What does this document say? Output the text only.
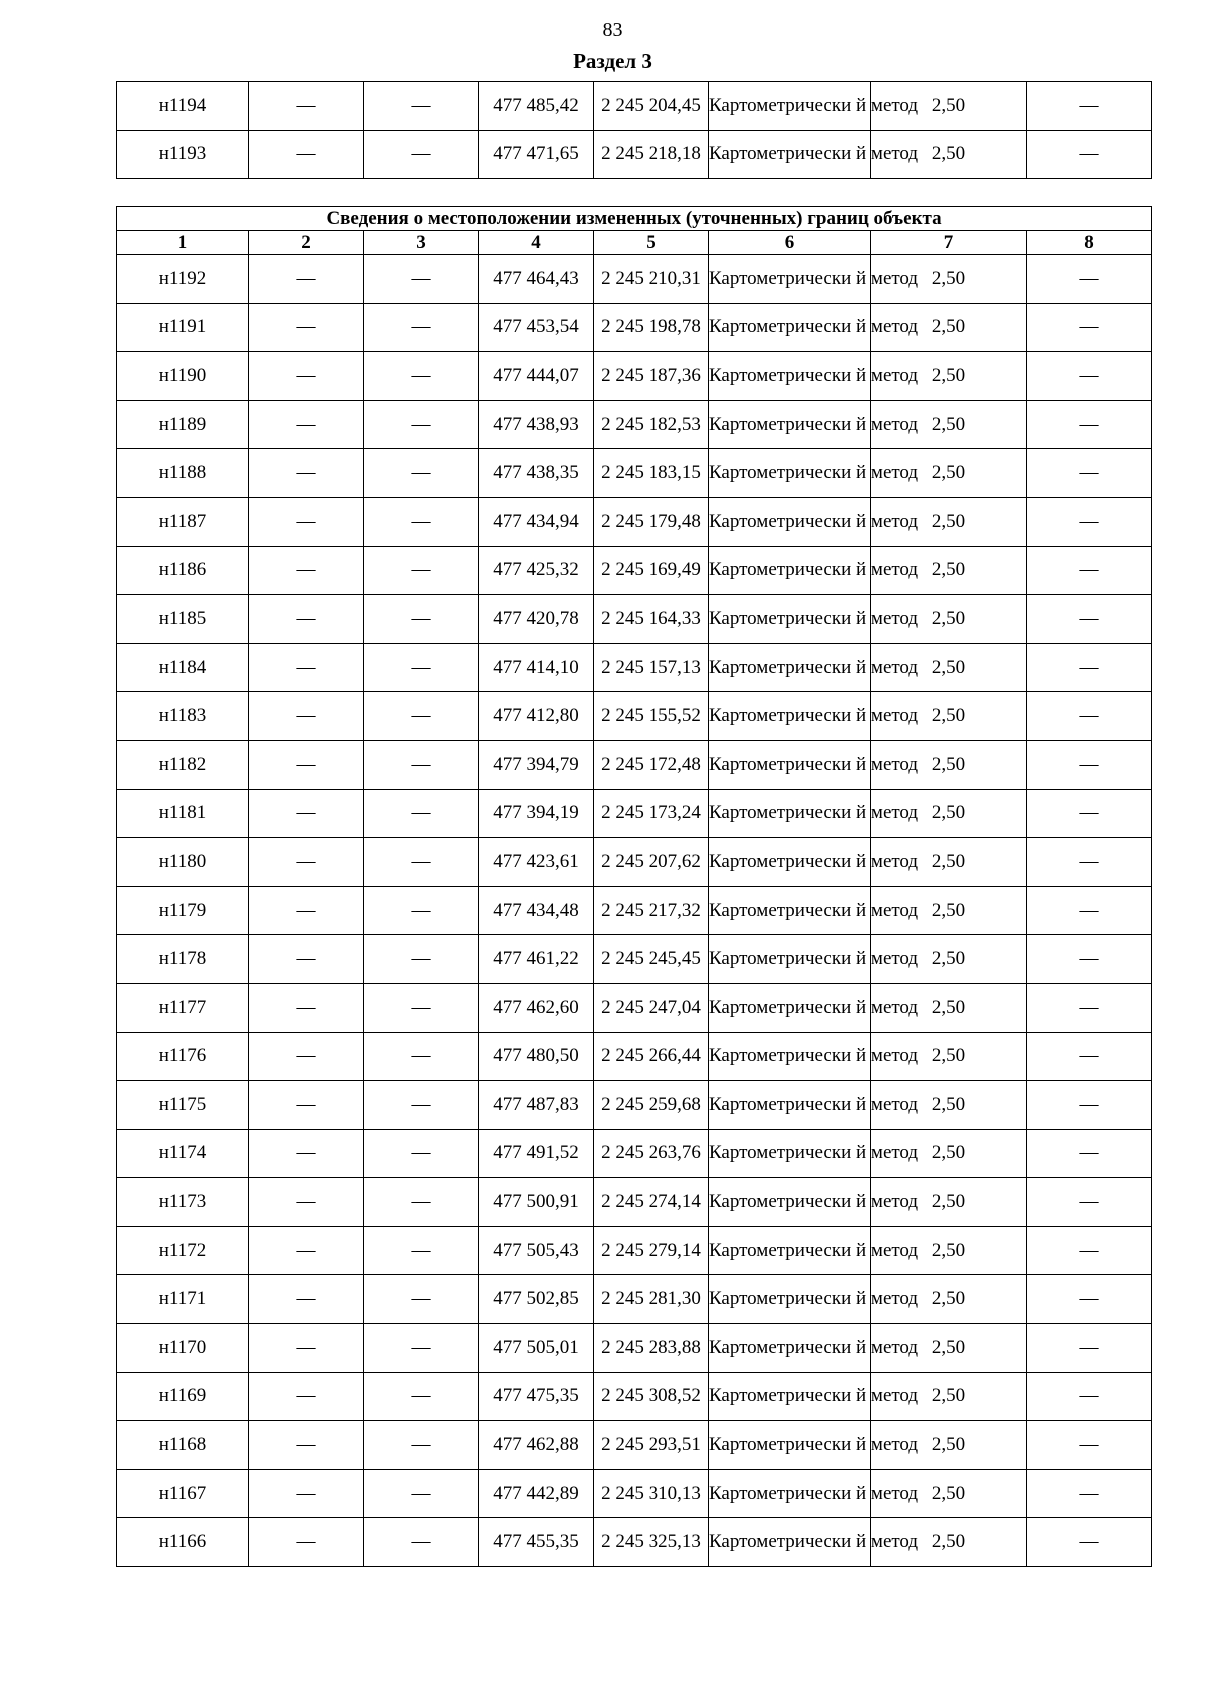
83
Раздел 3
н1194	—	—	477 485,42	2 245 204,45	Картометрически й метод	2,50	—
н1193	—	—	477 471,65	2 245 218,18	Картометрически й метод	2,50	—
Сведения о местоположении измененных (уточненных) границ объекта							
1	2	3	4	5	6	7	8
н1192	—	—	477 464,43	2 245 210,31	Картометрически й метод	2,50	—
н1191	—	—	477 453,54	2 245 198,78	Картометрически й метод	2,50	—
н1190	—	—	477 444,07	2 245 187,36	Картометрически й метод	2,50	—
н1189	—	—	477 438,93	2 245 182,53	Картометрически й метод	2,50	—
н1188	—	—	477 438,35	2 245 183,15	Картометрически й метод	2,50	—
н1187	—	—	477 434,94	2 245 179,48	Картометрически й метод	2,50	—
н1186	—	—	477 425,32	2 245 169,49	Картометрически й метод	2,50	—
н1185	—	—	477 420,78	2 245 164,33	Картометрически й метод	2,50	—
н1184	—	—	477 414,10	2 245 157,13	Картометрически й метод	2,50	—
н1183	—	—	477 412,80	2 245 155,52	Картометрически й метод	2,50	—
н1182	—	—	477 394,79	2 245 172,48	Картометрически й метод	2,50	—
н1181	—	—	477 394,19	2 245 173,24	Картометрически й метод	2,50	—
н1180	—	—	477 423,61	2 245 207,62	Картометрически й метод	2,50	—
н1179	—	—	477 434,48	2 245 217,32	Картометрически й метод	2,50	—
н1178	—	—	477 461,22	2 245 245,45	Картометрически й метод	2,50	—
н1177	—	—	477 462,60	2 245 247,04	Картометрически й метод	2,50	—
н1176	—	—	477 480,50	2 245 266,44	Картометрически й метод	2,50	—
н1175	—	—	477 487,83	2 245 259,68	Картометрически й метод	2,50	—
н1174	—	—	477 491,52	2 245 263,76	Картометрически й метод	2,50	—
н1173	—	—	477 500,91	2 245 274,14	Картометрически й метод	2,50	—
н1172	—	—	477 505,43	2 245 279,14	Картометрически й метод	2,50	—
н1171	—	—	477 502,85	2 245 281,30	Картометрически й метод	2,50	—
н1170	—	—	477 505,01	2 245 283,88	Картометрически й метод	2,50	—
н1169	—	—	477 475,35	2 245 308,52	Картометрически й метод	2,50	—
н1168	—	—	477 462,88	2 245 293,51	Картометрически й метод	2,50	—
н1167	—	—	477 442,89	2 245 310,13	Картометрически й метод	2,50	—
н1166	—	—	477 455,35	2 245 325,13	Картометрически й метод	2,50	—
